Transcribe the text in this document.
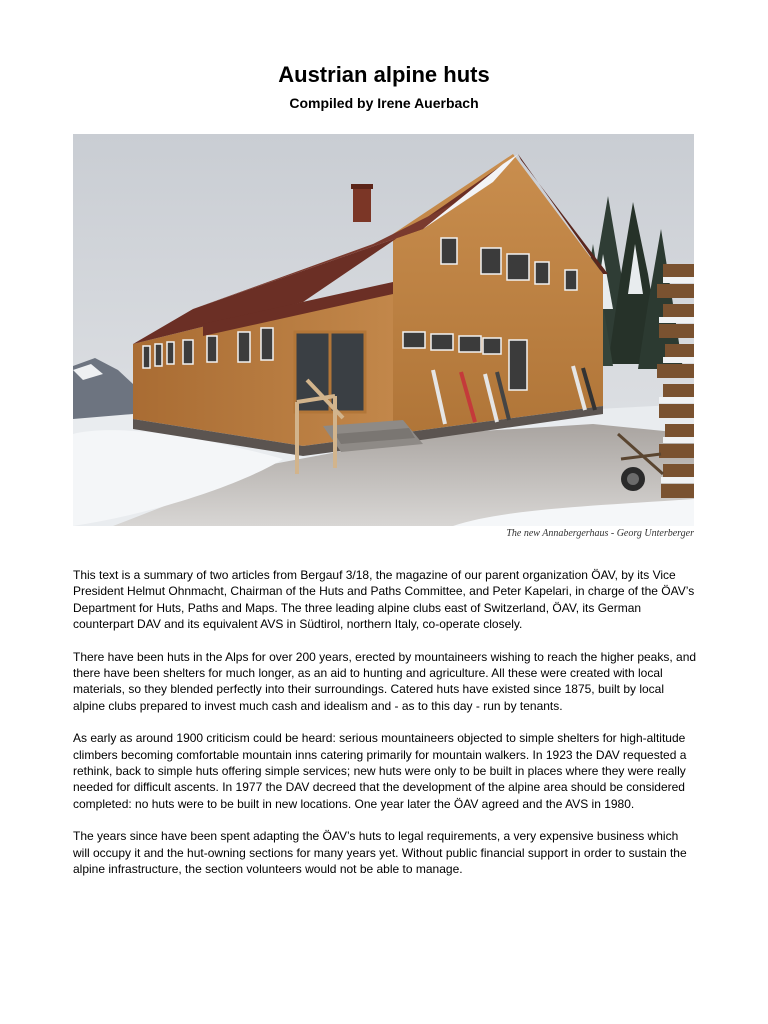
Austrian alpine huts
Compiled by Irene Auerbach
The new Annabergerhaus - Georg Unterberger

This text is a summary of two articles from Bergauf 3/18, the magazine of our parent organization ÖAV, by its Vice President Helmut Ohnmacht, Chairman of the Huts and Paths Committee, and Peter Kapelari, in charge of the ÖAV’s Department for Huts, Paths and Maps. The three leading alpine clubs east of Switzerland, ÖAV, its German counterpart DAV and its equivalent AVS in Südtirol, northern Italy, co-operate closely.

There have been huts in the Alps for over 200 years, erected by mountaineers wishing to reach the higher peaks, and there have been shelters for much longer, as an aid to hunting and agriculture. All these were created with local materials, so they blended perfectly into their surroundings. Catered huts have existed since 1875, built by local alpine clubs prepared to invest much cash and idealism and - as to this day - run by tenants.

As early as around 1900 criticism could be heard: serious mountaineers objected to simple shelters for high-altitude climbers becoming comfortable mountain inns catering primarily for mountain walkers. In 1923 the DAV requested a rethink, back to simple huts offering simple services; new huts were only to be built in places where they were really needed for difficult ascents. In 1977 the DAV decreed that the development of the alpine area should be considered completed: no huts were to be built in new locations. One year later the ÖAV agreed and the AVS in 1980.

The years since have been spent adapting the ÖAV’s huts to legal requirements, a very expensive business which will occupy it and the hut-owning sections for many years yet. Without public financial support in order to sustain the alpine infrastructure, the section volunteers would not be able to manage.
